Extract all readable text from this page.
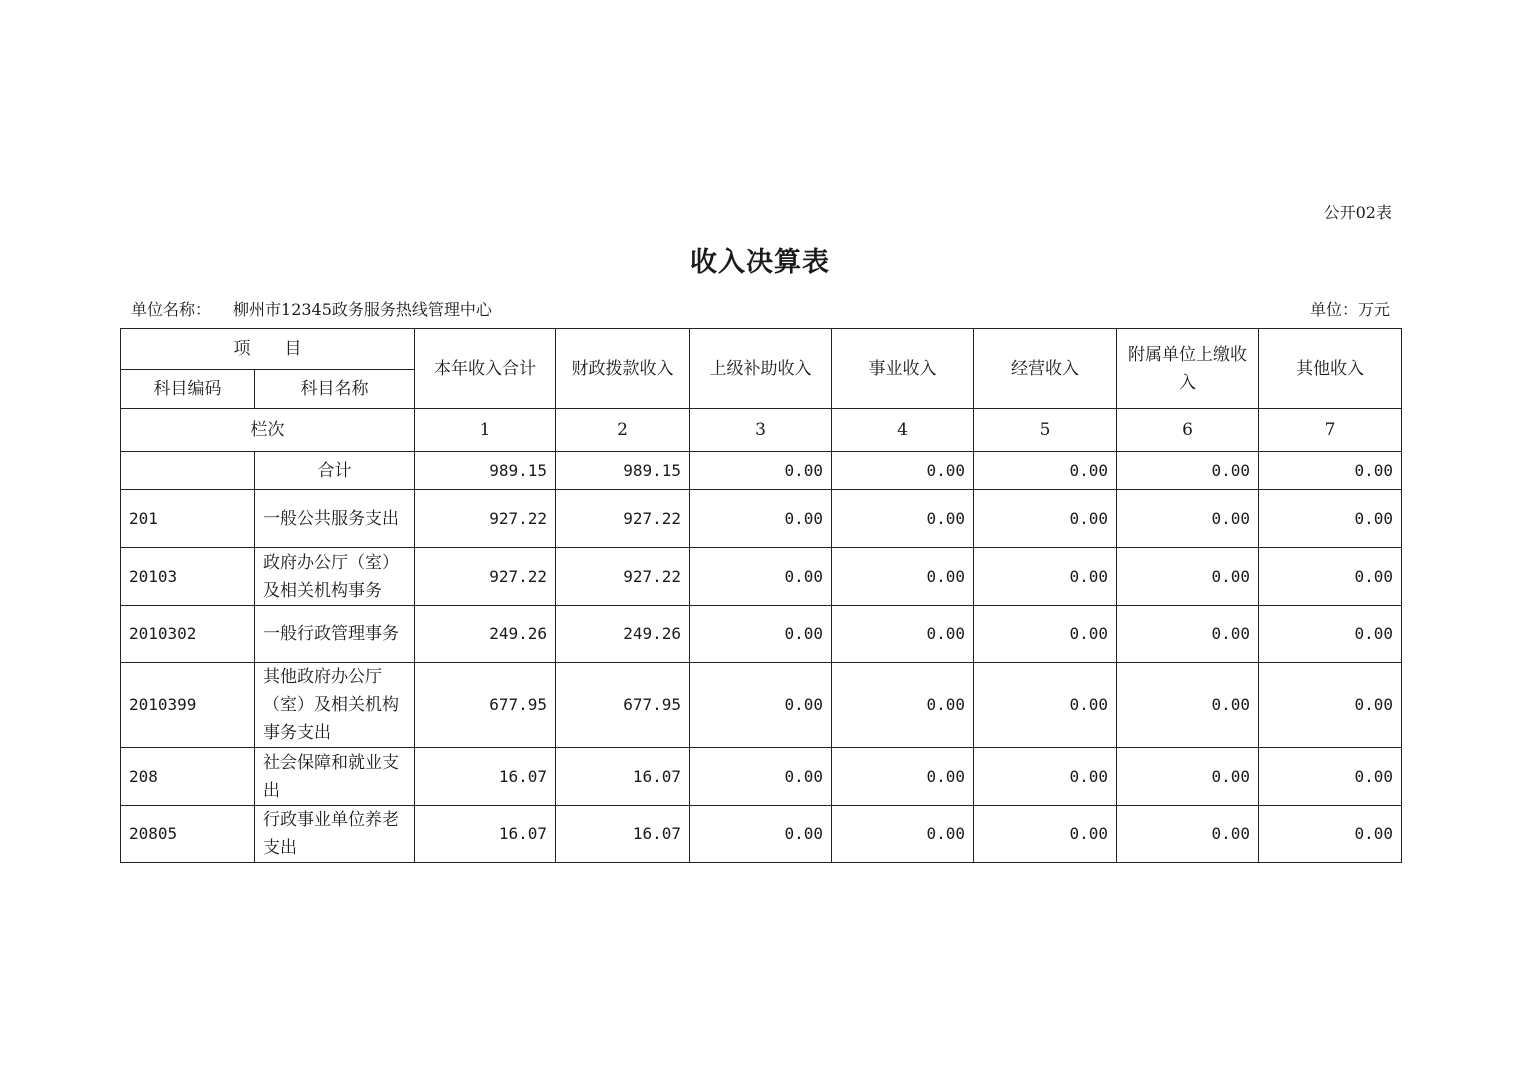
公开02表
收入决算表
单位名称： 柳州市12345政务服务热线管理中心	单位：万元
项　　目		本年收入合计	财政拨款收入	上级补助收入	事业收入	经营收入	附属单位上缴收入	其他收入
科目编码	科目名称							
栏次		1	2	3	4	5	6	7
	合计	989.15	989.15	0.00	0.00	0.00	0.00	0.00
201	一般公共服务支出	927.22	927.22	0.00	0.00	0.00	0.00	0.00
20103	政府办公厅（室）及相关机构事务	927.22	927.22	0.00	0.00	0.00	0.00	0.00
2010302	一般行政管理事务	249.26	249.26	0.00	0.00	0.00	0.00	0.00
2010399	其他政府办公厅（室）及相关机构事务支出	677.95	677.95	0.00	0.00	0.00	0.00	0.00
208	社会保障和就业支出	16.07	16.07	0.00	0.00	0.00	0.00	0.00
20805	行政事业单位养老支出	16.07	16.07	0.00	0.00	0.00	0.00	0.00
